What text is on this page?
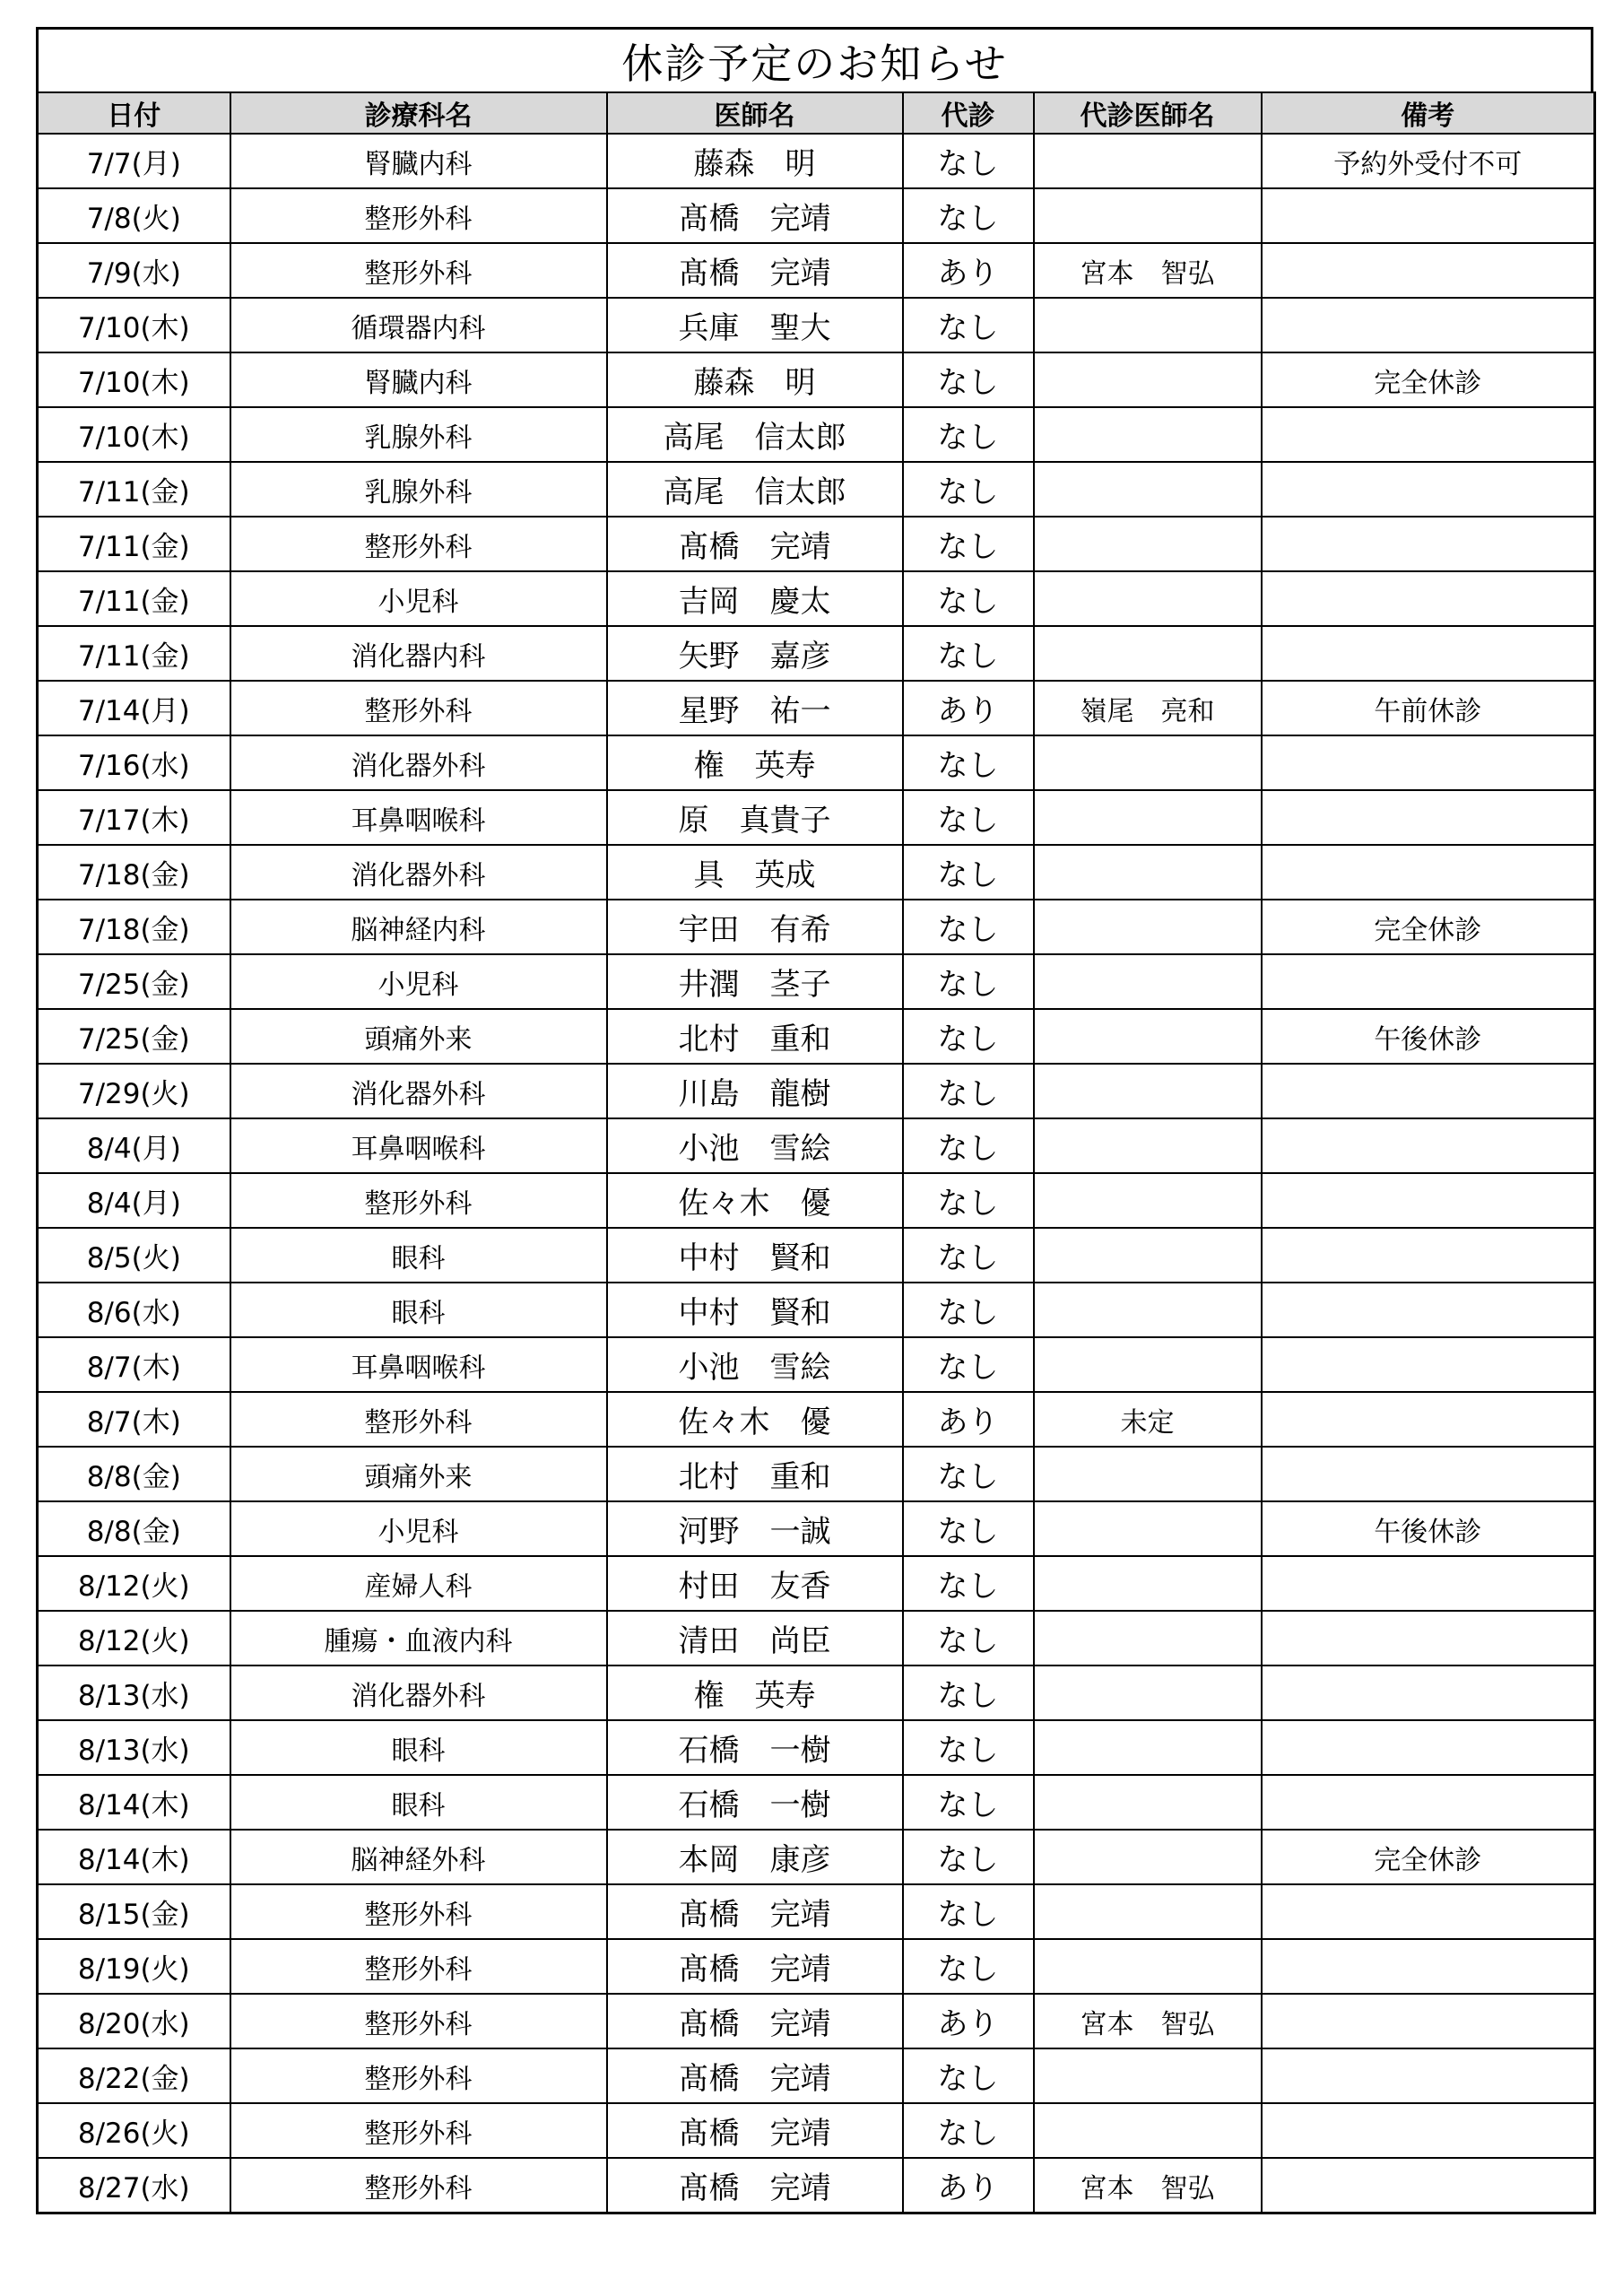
休診予定のお知らせ
日付	診療科名	医師名	代診	代診医師名	備考
7/7(月)	腎臓内科	藤森　明	なし		予約外受付不可
7/8(火)	整形外科	髙橋　完靖	なし		
7/9(水)	整形外科	髙橋　完靖	あり	宮本　智弘	
7/10(木)	循環器内科	兵庫　聖大	なし		
7/10(木)	腎臓内科	藤森　明	なし		完全休診
7/10(木)	乳腺外科	高尾　信太郎	なし		
7/11(金)	乳腺外科	高尾　信太郎	なし		
7/11(金)	整形外科	髙橋　完靖	なし		
7/11(金)	小児科	吉岡　慶太	なし		
7/11(金)	消化器内科	矢野　嘉彦	なし		
7/14(月)	整形外科	星野　祐一	あり	嶺尾　亮和	午前休診
7/16(水)	消化器外科	権　英寿	なし		
7/17(木)	耳鼻咽喉科	原　真貴子	なし		
7/18(金)	消化器外科	具　英成	なし		
7/18(金)	脳神経内科	宇田　有希	なし		完全休診
7/25(金)	小児科	井潤　茎子	なし		
7/25(金)	頭痛外来	北村　重和	なし		午後休診
7/29(火)	消化器外科	川島　龍樹	なし		
8/4(月)	耳鼻咽喉科	小池　雪絵	なし		
8/4(月)	整形外科	佐々木　優	なし		
8/5(火)	眼科	中村　賢和	なし		
8/6(水)	眼科	中村　賢和	なし		
8/7(木)	耳鼻咽喉科	小池　雪絵	なし		
8/7(木)	整形外科	佐々木　優	あり	未定	
8/8(金)	頭痛外来	北村　重和	なし		
8/8(金)	小児科	河野　一誠	なし		午後休診
8/12(火)	産婦人科	村田　友香	なし		
8/12(火)	腫瘍・血液内科	清田　尚臣	なし		
8/13(水)	消化器外科	権　英寿	なし		
8/13(水)	眼科	石橋　一樹	なし		
8/14(木)	眼科	石橋　一樹	なし		
8/14(木)	脳神経外科	本岡　康彦	なし		完全休診
8/15(金)	整形外科	髙橋　完靖	なし		
8/19(火)	整形外科	髙橋　完靖	なし		
8/20(水)	整形外科	髙橋　完靖	あり	宮本　智弘	
8/22(金)	整形外科	髙橋　完靖	なし		
8/26(火)	整形外科	髙橋　完靖	なし		
8/27(水)	整形外科	髙橋　完靖	あり	宮本　智弘	
